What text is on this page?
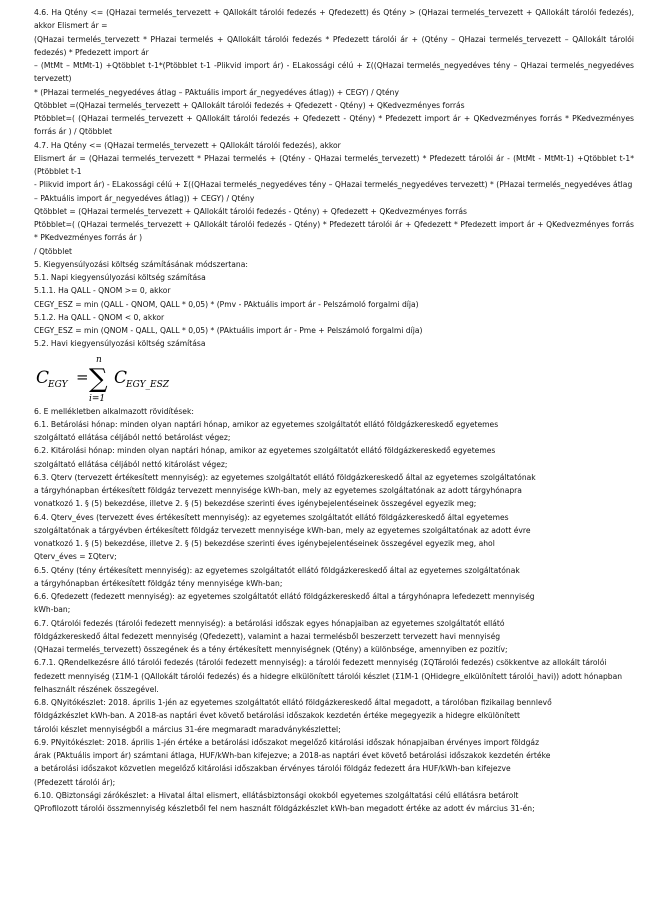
4.6. Ha Qtény <= (QHazai termelés_tervezett + QAllokált tárolói fedezés + Qfedezett) és Qtény > (QHazai termelés_tervezett + QAllokált tárolói fedezés), akkor Elismert ár =

(QHazai termelés_tervezett * PHazai termelés + QAllokált tárolói fedezés * Pfedezett tárolói ár + (Qtény – QHazai termelés_tervezett – QAllokált tárolói fedezés) * Pfedezett import ár

– (MtMt – MtMt-1) +Qtöbblet t-1*(Ptöbblet t-1 -Plikvid import ár) - ELakossági célú + Σ((QHazai termelés_negyedéves tény – QHazai termelés_negyedéves tervezett)

* (PHazai termelés_negyedéves átlag – PAktuális import ár_negyedéves átlag)) + CEGY) / Qtény

Qtöbblet =(QHazai termelés_tervezett + QAllokált tárolói fedezés + Qfedezett - Qtény) + QKedvezményes forrás

Ptöbblet=( (QHazai termelés_tervezett + QAllokált tárolói fedezés + Qfedezett - Qtény) * Pfedezett import ár + QKedvezményes forrás * PKedvezményes forrás ár ) / Qtöbblet

4.7. Ha Qtény <= (QHazai termelés_tervezett + QAllokált tárolói fedezés), akkor

Elismert ár = (QHazai termelés_tervezett * PHazai termelés + (Qtény - QHazai termelés_tervezett) * Pfedezett tárolói ár - (MtMt - MtMt-1) +Qtöbblet t-1* (Ptöbblet t-1

- Plikvid import ár) - ELakossági célú + Σ((QHazai termelés_negyedéves tény – QHazai termelés_negyedéves tervezett) * (PHazai termelés_negyedéves átlag

– PAktuális import ár_negyedéves átlag)) + CEGY) / Qtény

Qtöbblet = (QHazai termelés_tervezett + QAllokált tárolói fedezés - Qtény) + Qfedezett + QKedvezményes forrás

Ptöbblet=( (QHazai termelés_tervezett + QAllokált tárolói fedezés - Qtény) * Pfedezett tárolói ár + Qfedezett * Pfedezett import ár + QKedvezményes forrás * PKedvezményes forrás ár )

/ Qtöbblet

5. Kiegyensúlyozási költség számításának módszertana:

5.1. Napi kiegyensúlyozási költség számítása

5.1.1. Ha QALL - QNOM >= 0, akkor

CEGY_ESZ = min (QALL - QNOM, QALL * 0,05) * (Pmv - PAktuális import ár - Pelszámoló forgalmi díja)

5.1.2. Ha QALL - QNOM < 0, akkor

CEGY_ESZ = min (QNOM - QALL, QALL * 0,05) * (PAktuális import ár - Pme + Pelszámoló forgalmi díja)

5.2. Havi kiegyensúlyozási költség számítása

C
EGY =
n
∑
i=1
C
EGY_ESZ

6. E mellékletben alkalmazott rövidítések:

6.1. Betárolási hónap: minden olyan naptári hónap, amikor az egyetemes szolgáltatót ellátó földgázkereskedő egyetemes

szolgáltató ellátása céljából nettó betárolást végez;

6.2. Kitárolási hónap: minden olyan naptári hónap, amikor az egyetemes szolgáltatót ellátó földgázkereskedő egyetemes

szolgáltató ellátása céljából nettó kitárolást végez;

6.3. Qterv (tervezett értékesített mennyiség): az egyetemes szolgáltatót ellátó földgázkereskedő által az egyetemes szolgáltatónak

a tárgyhónapban értékesített földgáz tervezett mennyisége kWh-ban, mely az egyetemes szolgáltatónak az adott tárgyhónapra

vonatkozó 1. § (5) bekezdése, illetve 2. § (5) bekezdése szerinti éves igénybejelentéseinek összegével egyezik meg;

6.4. Qterv_éves (tervezett éves értékesített mennyiség): az egyetemes szolgáltatót ellátó földgázkereskedő által egyetemes

szolgáltatónak a tárgyévben értékesített földgáz tervezett mennyisége kWh-ban, mely az egyetemes szolgáltatónak az adott évre

vonatkozó 1. § (5) bekezdése, illetve 2. § (5) bekezdése szerinti éves igénybejelentéseinek összegével egyezik meg, ahol

Qterv_éves = ΣQterv;

6.5. Qtény (tény értékesített mennyiség): az egyetemes szolgáltatót ellátó földgázkereskedő által az egyetemes szolgáltatónak

a tárgyhónapban értékesített földgáz tény mennyisége kWh-ban;

6.6. Qfedezett (fedezett mennyiség): az egyetemes szolgáltatót ellátó földgázkereskedő által a tárgyhónapra lefedezett mennyiség

kWh-ban;

6.7. Qtárolói fedezés (tárolói fedezett mennyiség): a betárolási időszak egyes hónapjaiban az egyetemes szolgáltatót ellátó

földgázkereskedő által fedezett mennyiség (Qfedezett), valamint a hazai termelésből beszerzett tervezett havi mennyiség

(QHazai termelés_tervezett) összegének és a tény értékesített mennyiségnek (Qtény) a különbsége, amennyiben ez pozitív;

6.7.1. QRendelkezésre álló tárolói fedezés (tárolói fedezett mennyiség): a tárolói fedezett mennyiség (ΣQTárolói fedezés) csökkentve az allokált tárolói

fedezett mennyiség (Σ1M-1 (QAllokált tárolói fedezés) és a hidegre elkülönített tárolói készlet (Σ1M-1 (QHidegre_elkülönített tárolói_havi)) adott hónapban

felhasznált részének összegével.

6.8. QNyitókészlet: 2018. április 1-jén az egyetemes szolgáltatót ellátó földgázkereskedő által megadott, a tárolóban fizikailag bennlevő

földgázkészlet kWh-ban. A 2018-as naptári évet követő betárolási időszakok kezdetén értéke megegyezik a hidegre elkülönített

tárolói készlet mennyiségből a március 31-ére megmaradt maradványkészlettel;

6.9. PNyitókészlet: 2018. április 1-jén értéke a betárolási időszakot megelőző kitárolási időszak hónapjaiban érvényes import földgáz

árak (PAktuális import ár) számtani átlaga, HUF/kWh-ban kifejezve; a 2018-as naptári évet követő betárolási időszakok kezdetén értéke

a betárolási időszakot közvetlen megelőző kitárolási időszakban érvényes tárolói földgáz fedezett ára HUF/kWh-ban kifejezve

(Pfedezett tárolói ár);

6.10. QBiztonsági zárókészlet: a Hivatal által elismert, ellátásbiztonsági okokból egyetemes szolgáltatási célú ellátásra betárolt

QProfilozott tárolói összmennyiség készletből fel nem használt földgázkészlet kWh-ban megadott értéke az adott év március 31-én;
